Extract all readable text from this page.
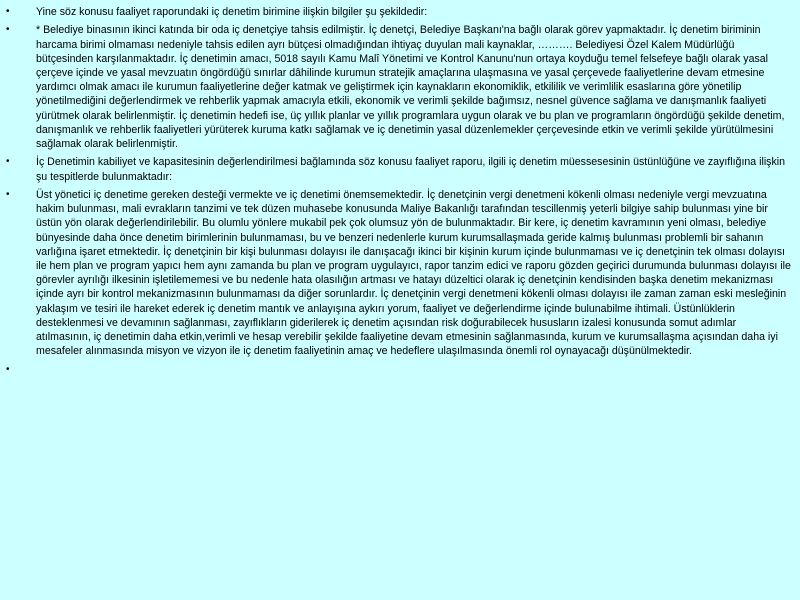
• Yine söz konusu faaliyet raporundaki iç denetim birimine ilişkin bilgiler şu şekildedir:
• * Belediye binasının ikinci katında bir oda iç denetçiye tahsis edilmiştir. İç denetçi, Belediye Başkanı'na bağlı olarak görev yapmaktadır. İç denetim biriminin harcama birimi olmaması nedeniyle tahsis edilen ayrı bütçesi olmadığından ihtiyaç duyulan mali kaynaklar, ………. Belediyesi Özel Kalem Müdürlüğü bütçesinden karşılanmaktadır. İç denetimin amacı, 5018 sayılı Kamu Malî Yönetimi ve Kontrol Kanunu'nun ortaya koyduğu temel felsefeye bağlı olarak yasal çerçeve içinde ve yasal mevzuatın öngördüğü sınırlar dâhilinde kurumun stratejik amaçlarına ulaşmasına ve yasal çerçevede faaliyetlerine devam etmesine yardımcı olmak amacı ile kurumun faaliyetlerine değer katmak ve geliştirmek için kaynakların ekonomiklik, etkililik ve verimlilik esaslarına göre yönetilip yönetilmediğini değerlendirmek ve rehberlik yapmak amacıyla etkili, ekonomik ve verimli şekilde bağımsız, nesnel güvence sağlama ve danışmanlık faaliyeti yürütmek olarak belirlenmiştir. İç denetimin hedefi ise, üç yıllık planlar ve yıllık programlara uygun olarak ve bu plan ve programların öngördüğü şekilde denetim, danışmanlık ve rehberlik faaliyetleri yürüterek kuruma katkı sağlamak ve iç denetimin yasal düzenlemekler çerçevesinde etkin ve verimli şekilde yürütülmesini sağlamak olarak belirlenmiştir.
• İç Denetimin kabiliyet ve kapasitesinin değerlendirilmesi bağlamında söz konusu faaliyet raporu, ilgili iç denetim müessesesinin üstünlüğüne ve zayıflığına ilişkin şu tespitlerde bulunmaktadır:
• Üst yönetici iç denetime gereken desteği vermekte ve iç denetimi önemsemektedir. İç denetçinin vergi denetmeni kökenli olması nedeniyle vergi mevzuatına hakim bulunması, mali evrakların tanzimi ve tek düzen muhasebe konusunda Maliye Bakanlığı tarafından tescillenmiş yeterli bilgiye sahip bulunması yine bir üstün yön olarak değerlendirilebilir. Bu olumlu yönlere mukabil pek çok olumsuz yön de bulunmaktadır. Bir kere, iç denetim kavramının yeni olması, belediye bünyesinde daha önce denetim birimlerinin bulunmaması, bu ve benzeri nedenlerle kurum kurumsallaşmada geride kalmış bulunması problemli bir sahanın varlığına işaret etmektedir. İç denetçinin bir kişi bulunması dolayısı ile danışacağı ikinci bir kişinin kurum içinde bulunmaması ve iç denetçinin tek olması dolayısı ile hem plan ve program yapıcı hem aynı zamanda bu plan ve program uygulayıcı, rapor tanzim edici ve raporu gözden geçirici durumunda bulunması dolayısı ile görevler ayrılığı ilkesinin işletilememesi ve bu nedenle hata olasılığın artması ve hatayı düzeltici olarak iç denetçinin kendisinden başka denetim mekanizması içinde ayrı bir kontrol mekanizmasının bulunmaması da diğer sorunlardır. İç denetçinin vergi denetmeni kökenli olması dolayısı ile zaman zaman eski mesleğinin yaklaşım ve tesiri ile hareket ederek iç denetim mantık ve anlayışına aykırı yorum, faaliyet ve değerlendirme içinde bulunabilme ihtimali. Üstünlüklerin desteklenmesi ve devamının sağlanması, zayıflıkların giderilerek iç denetim açısından risk doğurabilecek hususların izalesi konusunda somut adımlar atılmasının, iç denetimin daha etkin,verimli ve hesap verebilir şekilde faaliyetine devam etmesinin sağlanmasında, kurum ve kurumsallaşma açısından daha iyi mesafeler alınmasında misyon ve vizyon ile iç denetim faaliyetinin amaç ve hedeflere ulaşılmasında önemli rol oynayacağı düşünülmektedir.
•
